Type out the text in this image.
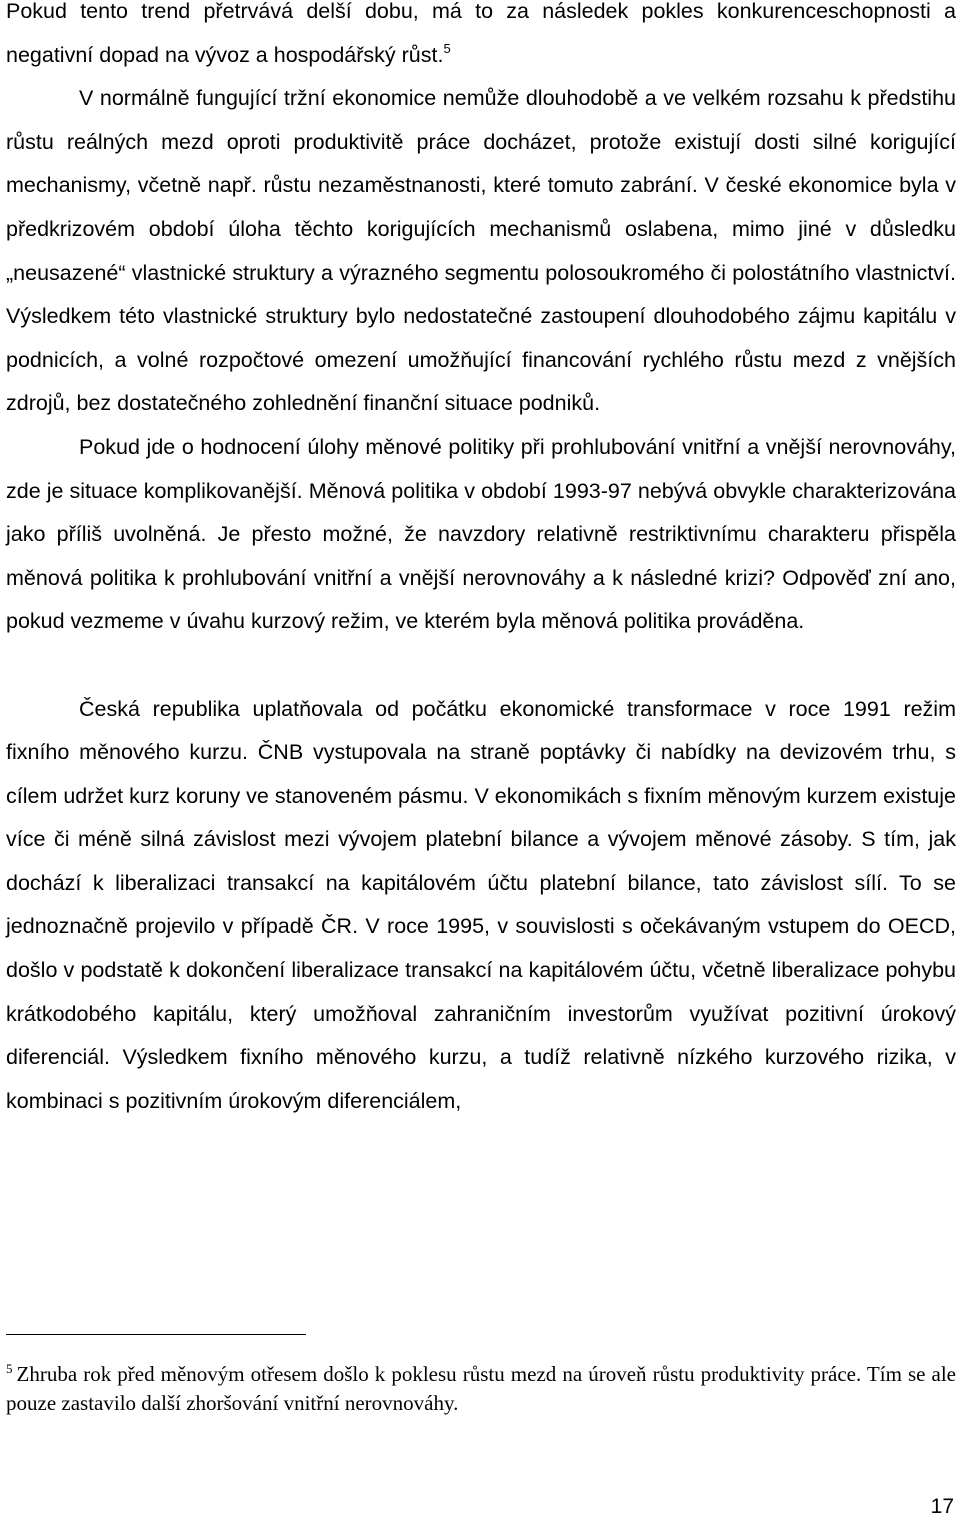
Pokud tento trend přetrvává delší dobu, má to za následek pokles konkurenceschopnosti a negativní dopad na vývoz a hospodářský růst.$^5$

V normálně fungující tržní ekonomice nemůže dlouhodobě a ve velkém rozsahu k předstihu růstu reálných mezd oproti produktivitě práce docházet, protože existují dosti silné korigující mechanismy, včetně např. růstu nezaměstnanosti, které tomuto zabrání. V české ekonomice byla v předkrizovém období úloha těchto korigujících mechanismů oslabena, mimo jiné v důsledku „neusazené“ vlastnické struktury a výrazného segmentu polosoukromého či polostátního vlastnictví. Výsledkem této vlastnické struktury bylo nedostatečné zastoupení dlouhodobého zájmu kapitálu v podnicích, a volné rozpočtové omezení umožňující financování rychlého růstu mezd z vnějších zdrojů, bez dostatečného zohlednění finanční situace podniků.

Pokud jde o hodnocení úlohy měnové politiky při prohlubování vnitřní a vnější nerovnováhy, zde je situace komplikovanější. Měnová politika v období 1993-97 nebývá obvykle charakterizována jako příliš uvolněná. Je přesto možné, že navzdory relativně restriktivnímu charakteru přispěla měnová politika k prohlubování vnitřní a vnější nerovnováhy a k následné krizi? Odpověď zní ano, pokud vezmeme v úvahu kurzový režim, ve kterém byla měnová politika prováděna.

Česká republika uplatňovala od počátku ekonomické transformace v roce 1991 režim fixního měnového kurzu. ČNB vystupovala na straně poptávky či nabídky na devizovém trhu, s cílem udržet kurz koruny ve stanoveném pásmu. V ekonomikách s fixním měnovým kurzem existuje více či méně silná závislost mezi vývojem platební bilance a vývojem měnové zásoby. S tím, jak dochází k liberalizaci transakcí na kapitálovém účtu platební bilance, tato závislost sílí. To se jednoznačně projevilo v případě ČR. V roce 1995, v souvislosti s očekávaným vstupem do OECD, došlo v podstatě k dokončení liberalizace transakcí na kapitálovém účtu, včetně liberalizace pohybu krátkodobého kapitálu, který umožňoval zahraničním investorům využívat pozitivní úrokový diferenciál. Výsledkem fixního měnového kurzu, a tudíž relativně nízkého kurzového rizika, v kombinaci s pozitivním úrokovým diferenciálem,

$^5$ Zhruba rok před měnovým otřesem došlo k poklesu růstu mezd na úroveň růstu produktivity práce. Tím se ale pouze zastavilo další zhoršování vnitřní nerovnováhy.

17
